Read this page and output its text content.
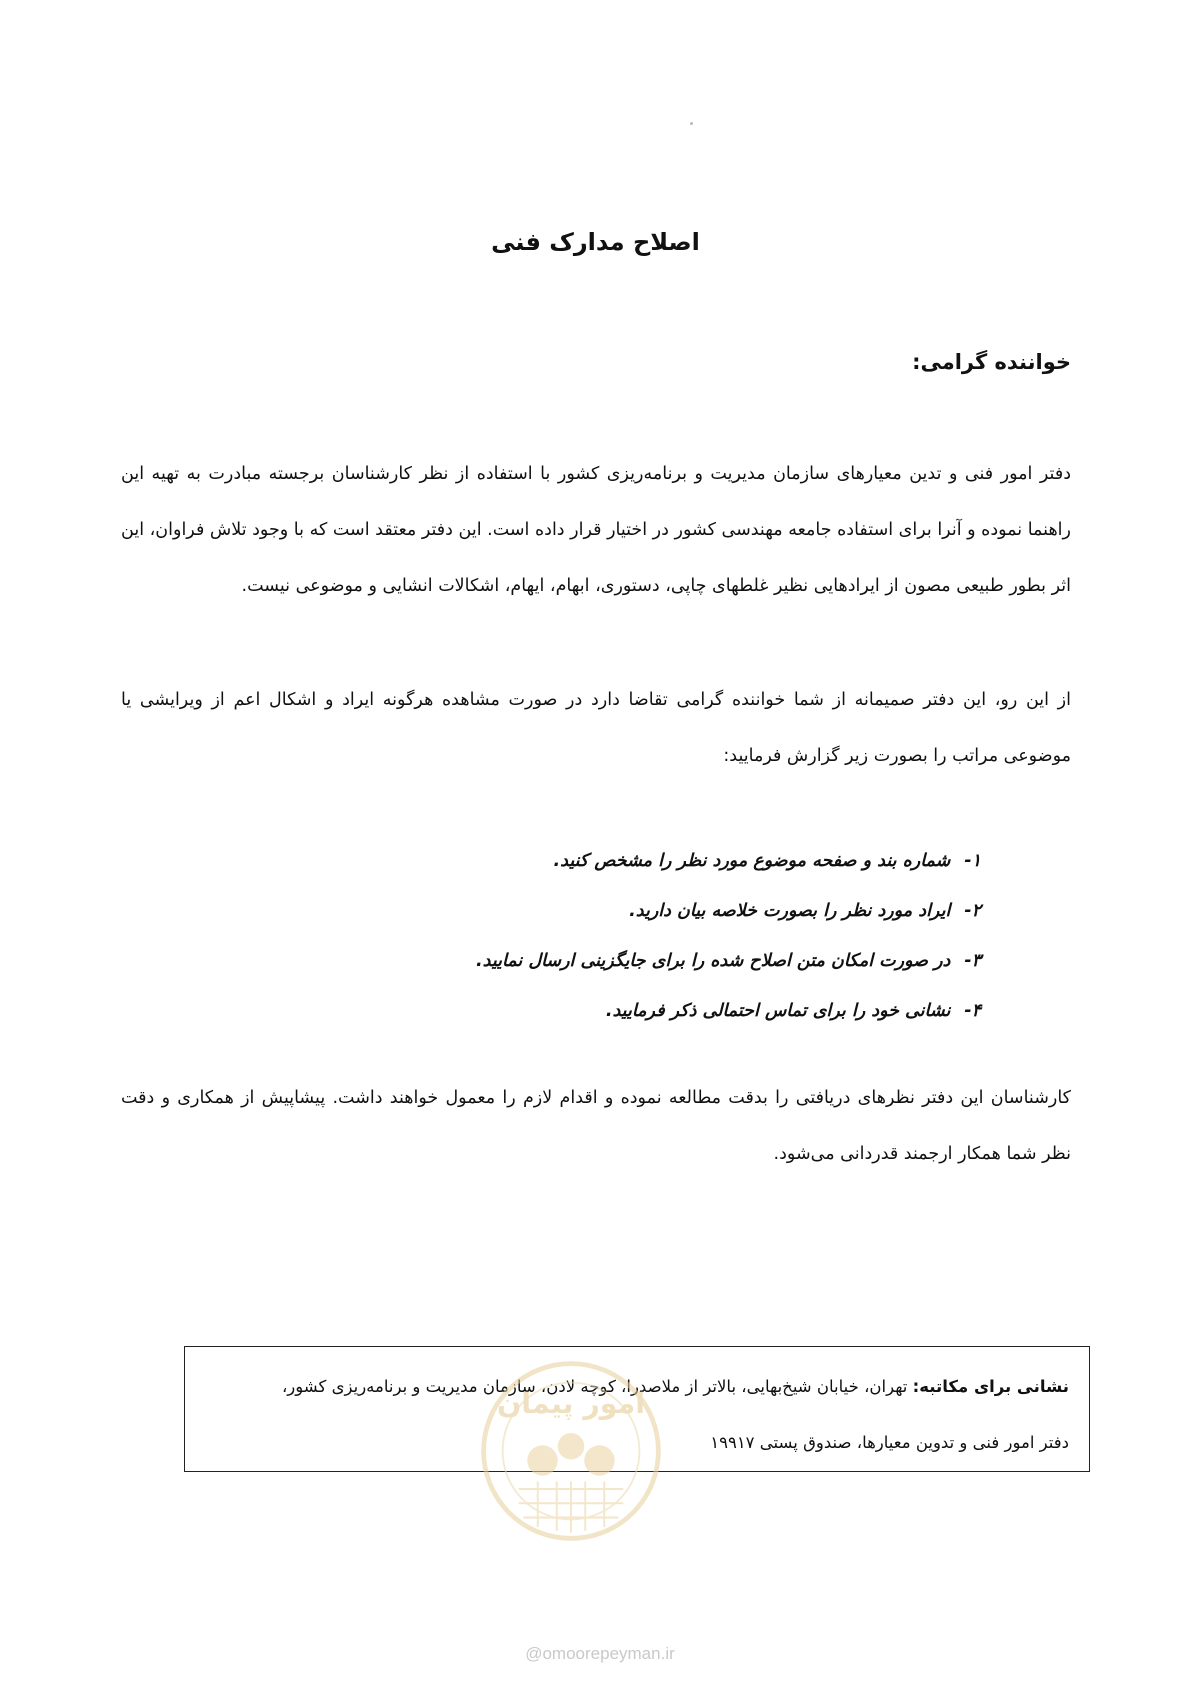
اصلاح مدارک فنی
خواننده گرامی:
دفتر امور فنی و تدین معیارهای سازمان مدیریت و برنامه‌ریزی کشور با استفاده از نظر کارشناسان برجسته مبادرت به تهیه این راهنما نموده و آنرا برای استفاده جامعه مهندسی کشور در اختیار قرار داده است. این دفتر معتقد است که با وجود تلاش فراوان، این اثر بطور طبیعی مصون از ایرادهایی نظیر غلطهای چاپی، دستوری، ابهام، ایهام، اشکالات انشایی و موضوعی نیست.
از این رو، این دفتر صمیمانه از شما خواننده گرامی تقاضا دارد در صورت مشاهده هرگونه ایراد و اشکال اعم از ویرایشی یا موضوعی مراتب را بصورت زیر گزارش فرمایید:
۱-شماره بند و صفحه موضوع مورد نظر را مشخص کنید.
۲-ایراد مورد نظر را بصورت خلاصه بیان دارید.
۳-در صورت امکان متن اصلاح شده را برای جایگزینی ارسال نمایید.
۴-نشانی خود را برای تماس احتمالی ذکر فرمایید.
کارشناسان این دفتر نظرهای دریافتی را بدقت مطالعه نموده و اقدام لازم را معمول خواهند داشت. پیشاپیش از همکاری و دقت نظر شما همکار ارجمند قدردانی می‌شود.
نشانی برای مکاتبه: تهران، خیابان شیخ‌بهایی، بالاتر از ملاصدرا، کوچه لادن، سازمان مدیریت و برنامه‌ریزی کشور،
دفتر امور فنی و تدوین معیارها، صندوق پستی ۱۹۹۱۷
امور پیمان
@omoorepeyman.ir
